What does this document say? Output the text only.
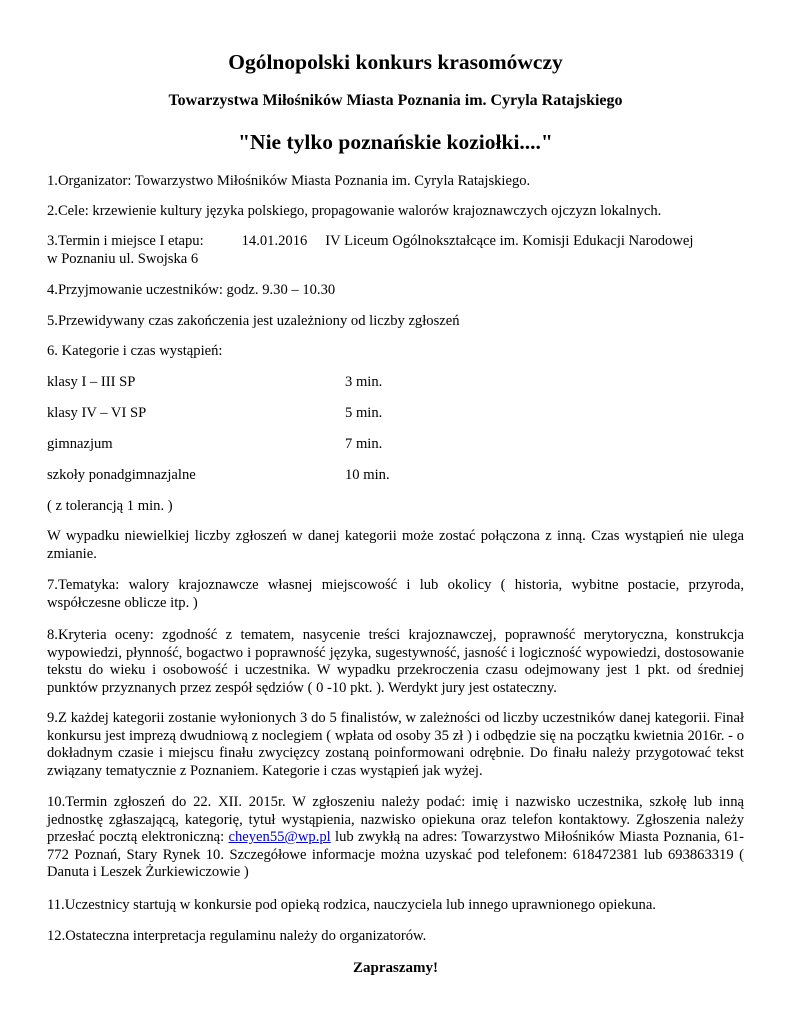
Ogólnopolski konkurs krasomówczy
Towarzystwa Miłośników Miasta Poznania im. Cyryla Ratajskiego
"Nie tylko poznańskie koziołki...."
1.Organizator: Towarzystwo Miłośników Miasta Poznania im. Cyryla Ratajskiego.
2.Cele: krzewienie kultury języka polskiego, propagowanie walorów krajoznawczych ojczyzn lokalnych.
3.Termin i miejsce I etapu:	14.01.2016 IV Liceum Ogólnokształcące im. Komisji Edukacji Narodowej
w Poznaniu ul. Swojska 6
4.Przyjmowanie uczestników: godz. 9.30 – 10.30
5.Przewidywany czas zakończenia jest uzależniony od liczby zgłoszeń
6. Kategorie i czas wystąpień:
klasy I – III SP	3 min.
klasy IV – VI SP	5 min.
gimnazjum	7 min.
szkoły ponadgimnazjalne	10 min.
( z tolerancją 1 min. )
W wypadku niewielkiej liczby zgłoszeń w danej kategorii może zostać połączona z inną. Czas wystąpień nie ulega zmianie.
7.Tematyka: walory krajoznawcze własnej miejscowość i lub okolicy ( historia, wybitne postacie, przyroda, współczesne oblicze itp. )
8.Kryteria oceny: zgodność z tematem, nasycenie treści krajoznawczej, poprawność merytoryczna, konstrukcja wypowiedzi, płynność, bogactwo i poprawność języka, sugestywność, jasność i logiczność wypowiedzi, dostosowanie tekstu do wieku i osobowość i uczestnika. W wypadku przekroczenia czasu odejmowany jest 1 pkt. od średniej punktów przyznanych przez zespół sędziów ( 0 -10 pkt. ). Werdykt jury jest ostateczny.
9.Z każdej kategorii zostanie wyłonionych 3 do 5 finalistów, w zależności od liczby uczestników danej kategorii. Finał konkursu jest imprezą dwudniową z noclegiem ( wpłata od osoby 35 zł ) i odbędzie się na początku kwietnia 2016r. - o dokładnym czasie i miejscu finału zwycięzcy zostaną poinformowani odrębnie. Do finału należy przygotować tekst związany tematycznie z Poznaniem. Kategorie i czas wystąpień jak wyżej.
10.Termin zgłoszeń do 22. XII. 2015r. W zgłoszeniu należy podać: imię i nazwisko uczestnika, szkołę lub inną jednostkę zgłaszającą, kategorię, tytuł wystąpienia, nazwisko opiekuna oraz telefon kontaktowy. Zgłoszenia należy przesłać pocztą elektroniczną: cheyen55@wp.pl lub zwykłą na adres: Towarzystwo Miłośników Miasta Poznania, 61-772 Poznań, Stary Rynek 10. Szczegółowe informacje można uzyskać pod telefonem: 618472381 lub 693863319 ( Danuta i Leszek Żurkiewiczowie )
11.Uczestnicy startują w konkursie pod opieką rodzica, nauczyciela lub innego uprawnionego opiekuna.
12.Ostateczna interpretacja regulaminu należy do organizatorów.
Zapraszamy!
